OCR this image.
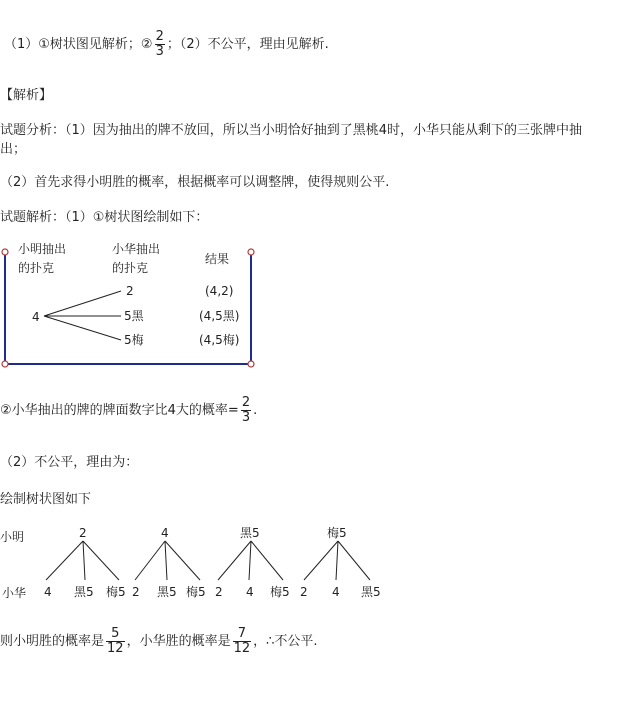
（1）①树状图见解析；② $\frac{2}{3}$ ；（2）不公平，理由见解析.
【解析】
试题分析：（1）因为抽出的牌不放回，所以当小明恰好抽到了黑桃4时，小华只能从剩下的三张牌中抽
出；
（2）首先求得小明胜的概率，根据概率可以调整牌，使得规则公平.
试题解析：（1）①树状图绘制如下：
小明抽出
的扑克
小华抽出
的扑克
结果
4
2
5黑
5梅
(4,2)
(4,5黑)
(4,5梅)
②小华抽出的牌的牌面数字比4大的概率= $\frac{2}{3}$ .
（2）不公平，理由为：
绘制树状图如下
小明
小华
2
4 黑5 梅5
4
2 黑5 梅5
黑5
2 4 梅5
梅5
2 4 黑5
则小明胜的概率是 $\frac{5}{12}$ ，小华胜的概率是 $\frac{7}{12}$ ，∴不公平.
